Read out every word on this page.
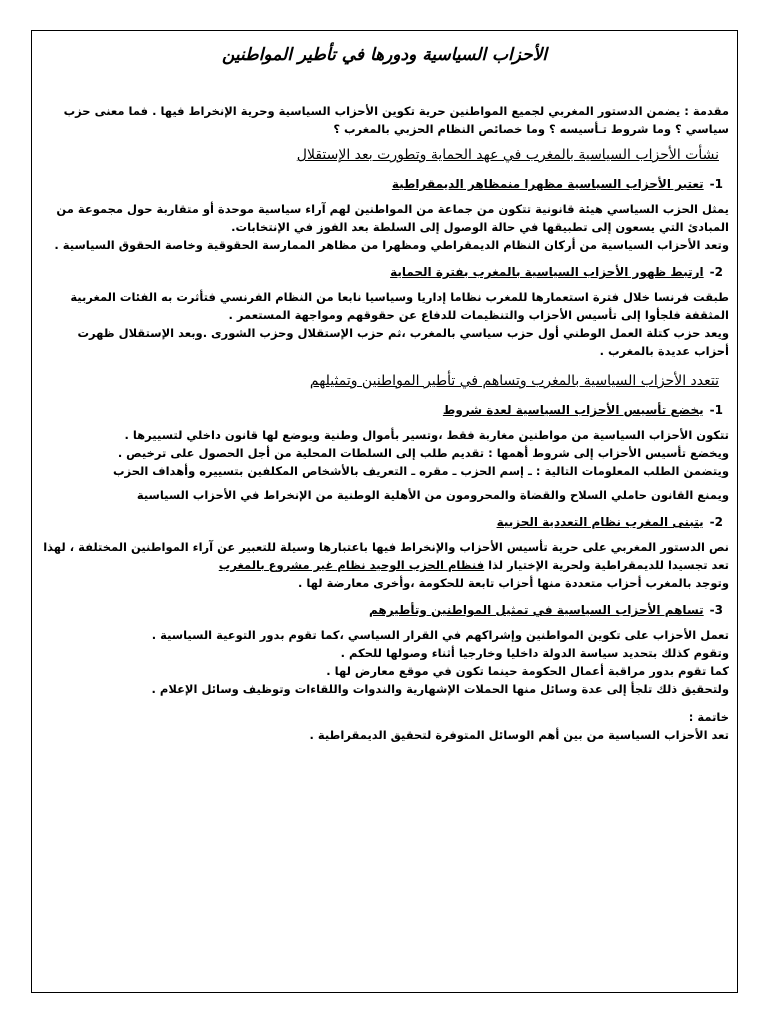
الأحزاب السياسية ودورها في تأطير المواطنين

مقدمة : يضمن الدستور المغربي لجميع المواطنين حرية تكوين الأحزاب السياسية وحرية الإنخراط فيها . فما معنى حزب سياسي ؟ وما شروط تـأسيسه ؟ وما خصائص النظام الحزبي بالمغرب ؟

نشأت الأحزاب السياسية بالمغرب في عهد الحماية وتطورت بعد الإستقلال

1-تعتبر الأحزاب السياسية مظهرا منمظاهر الديمقراطية

يمثل الحزب السياسي هيئة قانونية تتكون من جماعة من المواطنين لهم آراء سياسية موحدة أو متقاربة حول مجموعة من المبادئ التي يسعون إلى تطبيقها في حالة الوصول إلى السلطة بعد الفوز في الإنتخابات.

وتعد الأحزاب السياسية من أركان النظام الديمقراطي ومظهرا من مظاهر الممارسة الحقوقية وخاصة الحقوق السياسية .

2-ارتبط ظهور الأحزاب السياسية بالمغرب بفترة الحماية

طبقت فرنسا خلال فترة استعمارها للمغرب نظاما إداريا وسياسيا نابعا من النظام الفرنسي فتأثرت به الفئات المغربية المثقفة فلجأوا إلى تأسيس الأحزاب والتنظيمات للدفاع عن حقوقهم ومواجهة المستعمر .

ويعد حزب كتلة العمل الوطني أول حزب سياسي بالمغرب ،ثم حزب الإستقلال وحزب الشورى .وبعد الإستقلال ظهرت أحزاب عديدة بالمغرب .

تتعدد الأحزاب السياسية بالمغرب وتساهم في تأطير المواطنين وتمثيلهم

1-يخضع تأسيس الأحزاب السياسية لعدة شروط

تتكون الأحزاب السياسية من مواطنين مغاربة فقط ،وتسير بأموال وطنية ويوضع لها قانون داخلي لتسييرها .

ويخضع تأسيس الأحزاب إلى شروط أهمها : تقديم طلب إلى السلطات المحلية من أجل الحصول على ترخيص .

ويتضمن الطلب المعلومات التالية : ـ إسم الحزب ـ مقره ـ التعريف بالأشخاص المكلفين بتسييره وأهداف الحزب

ويمنع القانون حاملي السلاح والقضاة والمحرومون من الأهلية الوطنية من الإنخراط في الأحزاب السياسية

2-يتبنى المغرب نظام التعددية الحزبية

نص الدستور المغربي على حرية تأسيس الأحزاب والإنخراط فيها باعتبارها وسيلة للتعبير عن آراء المواطنين المختلفة ، لهذا تعد تجسيدا للديمقراطية ولحرية الإختيار لذا فنظام الحزب الوحيد نظام غير مشروع بالمغرب

وتوجد بالمغرب أحزاب متعددة منها أحزاب تابعة للحكومة ،وأخرى معارضة لها .

3-تساهم الأحزاب السياسية في تمثيل المواطنين وتأطيرهم

تعمل الأحزاب على تكوين المواطنين وإشراكهم في القرار السياسي ،كما تقوم بدور التوعية السياسية .

وتقوم كذلك بتحديد سياسة الدولة داخليا وخارجيا أثناء وصولها للحكم .

كما تقوم بدور مراقبة أعمال الحكومة حينما تكون في موقع معارض لها .

ولتحقيق ذلك تلجأ إلى عدة وسائل منها الحملات الإشهارية والندوات واللقاءات وتوظيف وسائل الإعلام .

خاتمة :

تعد الأحزاب السياسية من بين أهم الوسائل المتوفرة لتحقيق الديمقراطية .
